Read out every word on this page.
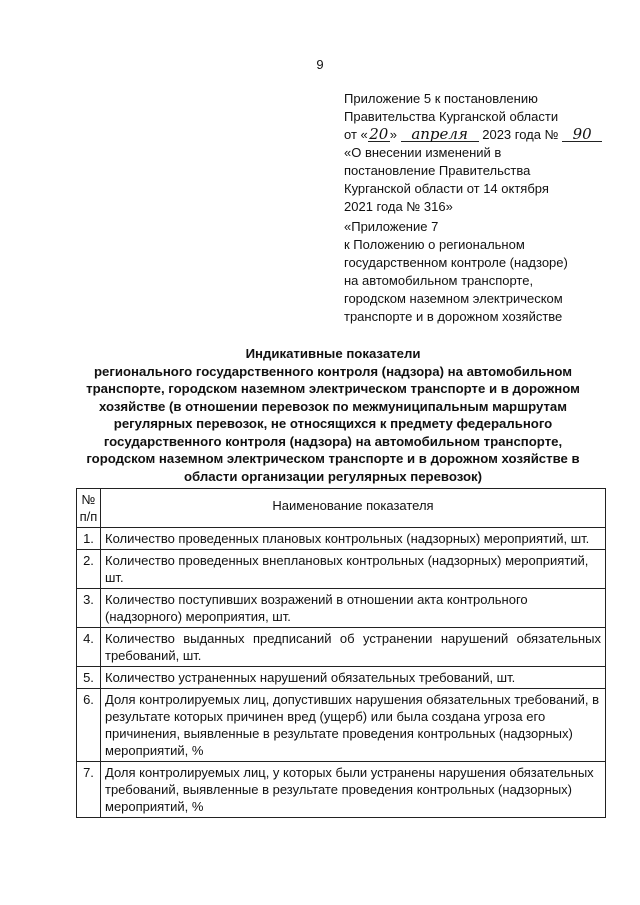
9
Приложение 5 к постановлению
Правительства Курганской области
от «20» апреля 2023 года № 90
«О внесении изменений в
постановление Правительства
Курганской области от 14 октября
2021 года № 316»
«Приложение 7
к Положению о региональном
государственном контроле (надзоре)
на автомобильном транспорте,
городском наземном электрическом
транспорте и в дорожном хозяйстве
Индикативные показатели
регионального государственного контроля (надзора) на автомобильном
транспорте, городском наземном электрическом транспорте и в дорожном
хозяйстве (в отношении перевозок по межмуниципальным маршрутам
регулярных перевозок, не относящихся к предмету федерального
государственного контроля (надзора) на автомобильном транспорте,
городском наземном электрическом транспорте и в дорожном хозяйстве в
области организации регулярных перевозок)
№ п/п	Наименование показателя
1.	Количество проведенных плановых контрольных (надзорных) мероприятий, шт.
2.	Количество проведенных внеплановых контрольных (надзорных) мероприятий, шт.
3.	Количество поступивших возражений в отношении акта контрольного (надзорного) мероприятия, шт.
4.	Количество выданных предписаний об устранении нарушений обязательных требований, шт.
5.	Количество устраненных нарушений обязательных требований, шт.
6.	Доля контролируемых лиц, допустивших нарушения обязательных требований, в результате которых причинен вред (ущерб) или была создана угроза его причинения, выявленные в результате проведения контрольных (надзорных) мероприятий, %
7.	Доля контролируемых лиц, у которых были устранены нарушения обязательных требований, выявленные в результате проведения контрольных (надзорных) мероприятий, %
